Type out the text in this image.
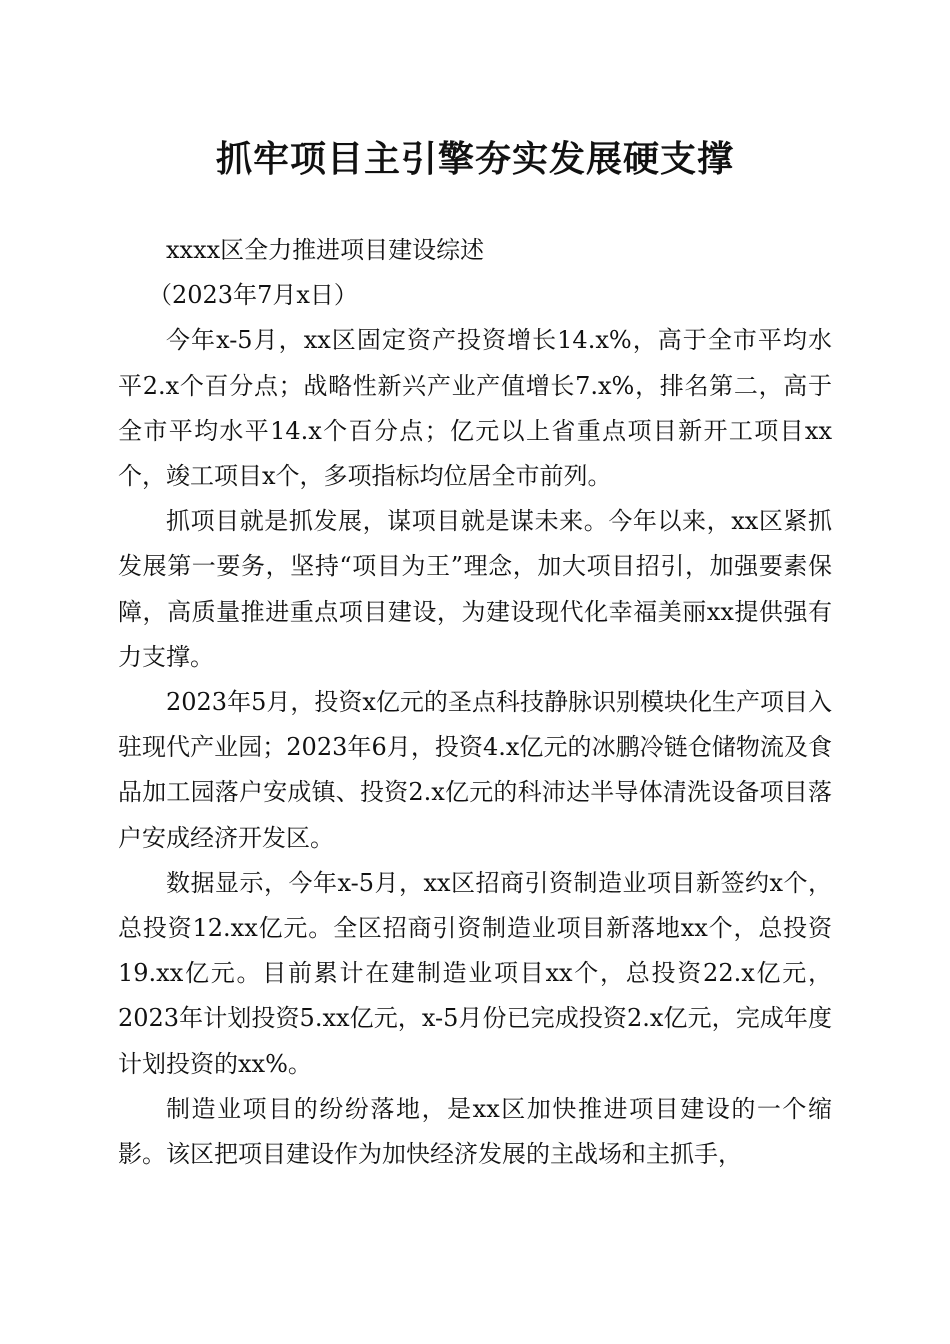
抓牢项目主引擎夯实发展硬支撑

xxxx区全力推进项目建设综述

（2023年7月x日）

今年x-5月，xx区固定资产投资增长14.x%，高于全市平均水平2.x个百分点；战略性新兴产业产值增长7.x%，排名第二，高于全市平均水平14.x个百分点；亿元以上省重点项目新开工项目xx个，竣工项目x个，多项指标均位居全市前列。

抓项目就是抓发展，谋项目就是谋未来。今年以来，xx区紧抓发展第一要务，坚持“项目为王”理念，加大项目招引，加强要素保障，高质量推进重点项目建设，为建设现代化幸福美丽xx提供强有力支撑。

2023年5月，投资x亿元的圣点科技静脉识别模块化生产项目入驻现代产业园；2023年6月，投资4.x亿元的冰鹏冷链仓储物流及食品加工园落户安成镇、投资2.x亿元的科沛达半导体清洗设备项目落户安成经济开发区。

数据显示，今年x-5月，xx区招商引资制造业项目新签约x个，总投资12.xx亿元。全区招商引资制造业项目新落地xx个，总投资19.xx亿元。目前累计在建制造业项目xx个，总投资22.x亿元，2023年计划投资5.xx亿元，x-5月份已完成投资2.x亿元，完成年度计划投资的xx%。

制造业项目的纷纷落地，是xx区加快推进项目建设的一个缩影。该区把项目建设作为加快经济发展的主战场和主抓手，
